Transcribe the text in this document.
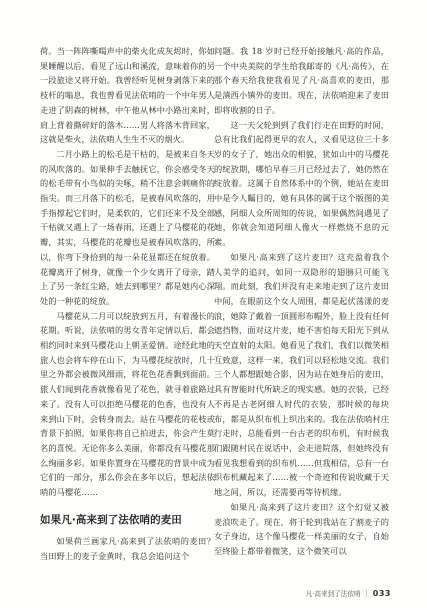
荷。当一阵阵嘶喝声中的柴火化成灰烬时，你如果睡醒以后，看见了远山和溪流，意味着你的另一段旅途又将开始。我曾经听见树身剥落下来的枝杆的嗡息，我也曾看见法依哨的一个中年男人走进了阴森的树林，中午他从林中小路出来时，肩上背着撕碎好的落木……男人将落木背回家，这就是柴火，法依哨人生生不灭的烟火。

二月小路上的松毛是干枯的，是被来自冬天的风吹落的。如果伸手去触抚它，你会感受冬天的松毛带有小鸟似的尖啄，稍不注意会刺痛你的指尖。而三月落下的松毛，是被春风吹落的，用手指撑起它们时，是柔软的，它们还来不及全部干枯就又遇上了一场春雨，还遇上了马樱花的花瓣，其实，马樱花的花瓣也是被春风吹落的，所以，你弯下身拾到的每一朵花显都还在绽放着。花瓣离开了树身，就像一个少女离开了母亲，踏上了另一条红尘路，她去到哪里？都是她内心深处的一种花的绽放。

马樱花从二月可以绽放到五月，有着漫长的花期。听说，法依哨的男女青年定情以后，都会相约同时来到马樱花山上朝圣爱情。途经此地的旅人也会将车停在山下，为马樱花绽放时，几十里之外都会被微风细雨，将花色花香飘到面前。旅人们闻到花香就像看见了花色，就寻着旅路过来了。没有人可以拒绝马樱花的色香，也没有人来到山下时，会转身而去。站在马樱花的花枝或背景下拍照，如果你将自己拍进去，你会产生莫名的喜悦。无论你多么美丽，你都没有马樱花那么绚丽多彩。如果你置身在马樱花的背景中成为它们的一部分，那么你会在多年以后，想起法依哨的马樱花……

如果凡·高来到了法依哨的麦田

如果荷兰画家凡·高来到了法依哨的麦田？当田野上的麦子金黄时，我总会追问这个

问题。我 18 岁时已经开始接触凡·高的作品，一个中央美院的学生给我邮寄的《凡·高传》，在那个春天给我使我看见了凡·高喜欢的麦田，那是滇西小镇外的麦田。现在，法依哨迎来了麦田即将收割的日子。

这一天父轮到到了我们行走在田野的时间，总有比我们起得更早的农人，又看见这位三十多岁的女子了，她出众的相貌，犹如山中的马樱花的绽放期，哪怕早春三月已经过去了，她仍然在绽放着。这属于自然体系中的个例，她站在麦田中是令人瞩目的，她有具体的属于这个版图的美感，阿细人众所周知的传说，如果偶然间遇见了她，你就会知道阿细人像火一样燃烧不息的元素。

如果凡·高来到了这片麦田？这充盈着我个人美学的追问，如同一双隐形的翅膀只可能飞翔。而此刻，我们并没有走来地走到了这片麦田中间，在眼前这个女人周围，都是起伏荡漾的麦浪，她除了戴着一顶圆形布帽外，脸上没有任何遮挡物，面对这片麦，她不害怕每天阳光下到从天空直射的太阳。她看见了我们，我们以微笑相互致意，这样一来，我们可以轻松地交流。我们三个人都想跟她合影，因为站在她身后的麦田，具有智能时代所缺乏的现实感。她的衣装，已经不再是古老阿细人时代的衣装，那时候的每块布，都是从织布机上织出来的。我在法依哨村庄行走时，总能看到一台古老的织布机，有时候我们跟随村民在说话中，会走进院落，但她终没有看见我想看到的织布机……但我相信，总有一台织布机藏起来了……被一个奇迹和传说收藏于天地之间，所以，还需要再等待机缘。

如果凡·高来到了这片麦田？这个幻觉又被麦浪吹走了。现在，将于轮到我站在了割麦子的女子身边，这个像马樱花一样美丽的女子，自始至终脸上都带着微笑，这个微笑可以

凡·高来到了法依哨 | 033
